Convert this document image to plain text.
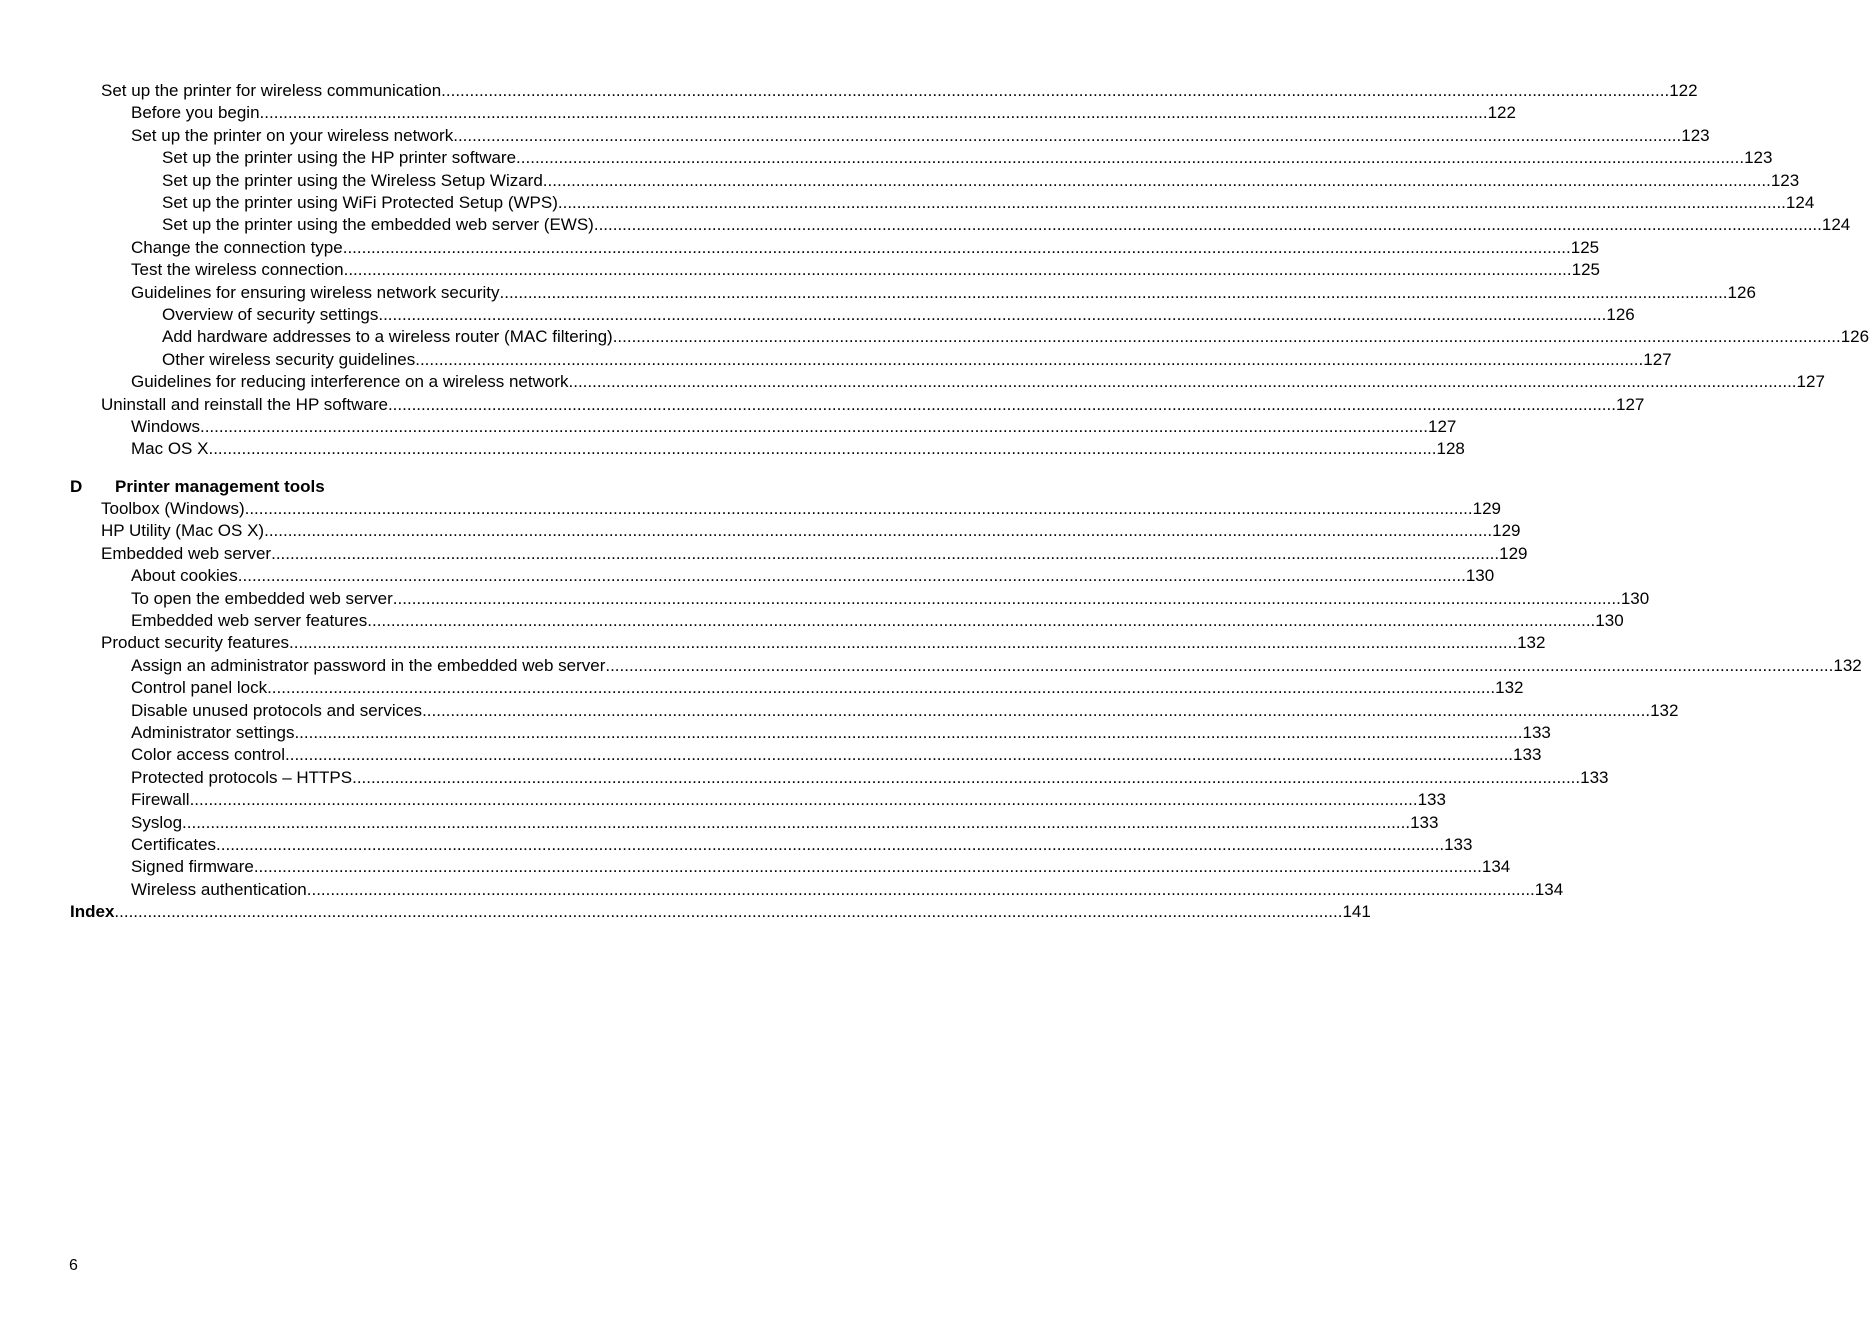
Set up the printer for wireless communication .................................................................................................................................................................................................................................................................... 122
Before you begin .................................................................................................................................................................................................................................................................... 122
Set up the printer on your wireless network .................................................................................................................................................................................................................................................................... 123
Set up the printer using the HP printer software .................................................................................................................................................................................................................................................................... 123
Set up the printer using the Wireless Setup Wizard .................................................................................................................................................................................................................................................................... 123
Set up the printer using WiFi Protected Setup (WPS) .................................................................................................................................................................................................................................................................... 124
Set up the printer using the embedded web server (EWS) .................................................................................................................................................................................................................................................................... 124
Change the connection type .................................................................................................................................................................................................................................................................... 125
Test the wireless connection .................................................................................................................................................................................................................................................................... 125
Guidelines for ensuring wireless network security .................................................................................................................................................................................................................................................................... 126
Overview of security settings .................................................................................................................................................................................................................................................................... 126
Add hardware addresses to a wireless router (MAC filtering) .................................................................................................................................................................................................................................................................... 126
Other wireless security guidelines .................................................................................................................................................................................................................................................................... 127
Guidelines for reducing interference on a wireless network .................................................................................................................................................................................................................................................................... 127
Uninstall and reinstall the HP software .................................................................................................................................................................................................................................................................... 127
Windows .................................................................................................................................................................................................................................................................... 127
Mac OS X .................................................................................................................................................................................................................................................................... 128
D Printer management tools
Toolbox (Windows) .................................................................................................................................................................................................................................................................... 129
HP Utility (Mac OS X) .................................................................................................................................................................................................................................................................... 129
Embedded web server .................................................................................................................................................................................................................................................................... 129
About cookies .................................................................................................................................................................................................................................................................... 130
To open the embedded web server .................................................................................................................................................................................................................................................................... 130
Embedded web server features .................................................................................................................................................................................................................................................................... 130
Product security features .................................................................................................................................................................................................................................................................... 132
Assign an administrator password in the embedded web server .................................................................................................................................................................................................................................................................... 132
Control panel lock .................................................................................................................................................................................................................................................................... 132
Disable unused protocols and services .................................................................................................................................................................................................................................................................... 132
Administrator settings .................................................................................................................................................................................................................................................................... 133
Color access control .................................................................................................................................................................................................................................................................... 133
Protected protocols – HTTPS .................................................................................................................................................................................................................................................................... 133
Firewall .................................................................................................................................................................................................................................................................... 133
Syslog .................................................................................................................................................................................................................................................................... 133
Certificates .................................................................................................................................................................................................................................................................... 133
Signed firmware .................................................................................................................................................................................................................................................................... 134
Wireless authentication .................................................................................................................................................................................................................................................................... 134
Index .................................................................................................................................................................................................................................................................... 141
6
